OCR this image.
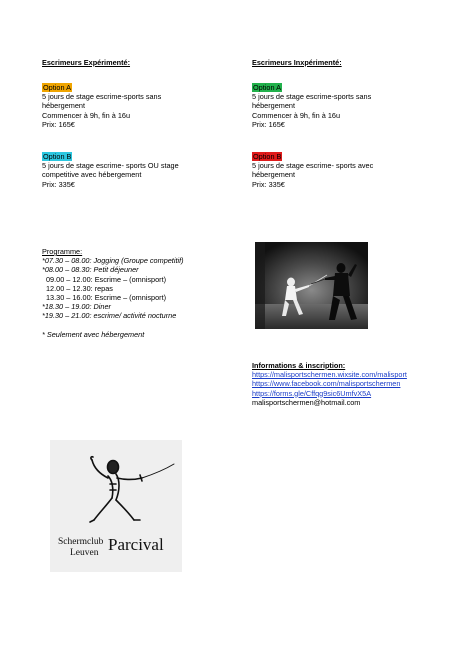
Escrimeurs Expérimenté:
Option A
5 jours de stage escrime-sports sans
hébergement
Commencer à 9h, fin à 16u
Prix: 165€
Option B
5 jours de stage escrime- sports OU stage
competitive avec hébergement
Prix: 335€
Escrimeurs Inxpérimenté:
Option A
5 jours de stage escrime-sports sans
hébergement
Commencer à 9h, fin à 16u
Prix: 165€
Option B
5 jours de stage escrime- sports avec
hébergement
Prix: 335€
Programme:
*07.30 – 08.00: Jogging (Groupe competitif)
*08.00 – 08.30: Petit déjeuner
09.00 – 12.00: Escrime – (omnisport)
12.00 – 12.30: repas
13.30 – 16.00: Escrime – (omnisport)
*18.30 – 19.00: Diner
*19.30 – 21.00: escrime/ activité nocturne
* Seulement avec hébergement
Informations & inscription:
https://malisportschermen.wixsite.com/malisport
https://www.facebook.com/malisportschermen
https://forms.gle/Cffqg9sic6UmfvX5A
malisportschermen@hotmail.com
Schermclub
Leuven Parcival
